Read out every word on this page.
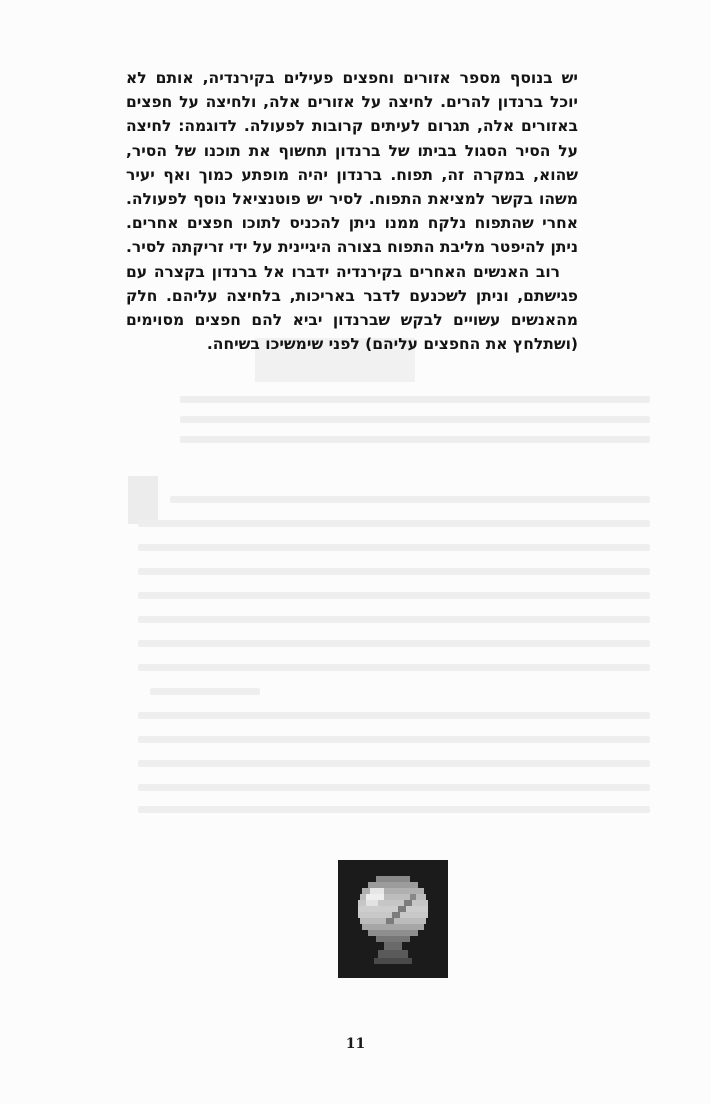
יש בנוסף מספר אזורים וחפצים פעילים בקירנדיה, אותם לא יוכל ברנדון להרים. לחיצה על אזורים אלה, ולחיצה על חפצים באזורים אלה, תגרום לעיתים קרובות לפעולה. לדוגמה: לחיצה על הסיר הסגול בביתו של ברנדון תחשוף את תוכנו של הסיר, שהוא, במקרה זה, תפוח. ברנדון יהיה מופתע כמוך ואף יעיר משהו בקשר למציאת התפוח. לסיר יש פוטנציאל נוסף לפעולה. אחרי שהתפוח נלקח ממנו ניתן להכניס לתוכו חפצים אחרים. ניתן להיפטר מליבת התפוח בצורה היגיינית על ידי זריקתה לסיר.

רוב האנשים האחרים בקירנדיה ידברו אל ברנדון בקצרה עם פגישתם, וניתן לשכנעם לדבר באריכות, בלחיצה עליהם. חלק מהאנשים עשויים לבקש שברנדון יביא להם חפצים מסוימים (ושתלחץ את החפצים עליהם) לפני שימשיכו בשיחה.

11
